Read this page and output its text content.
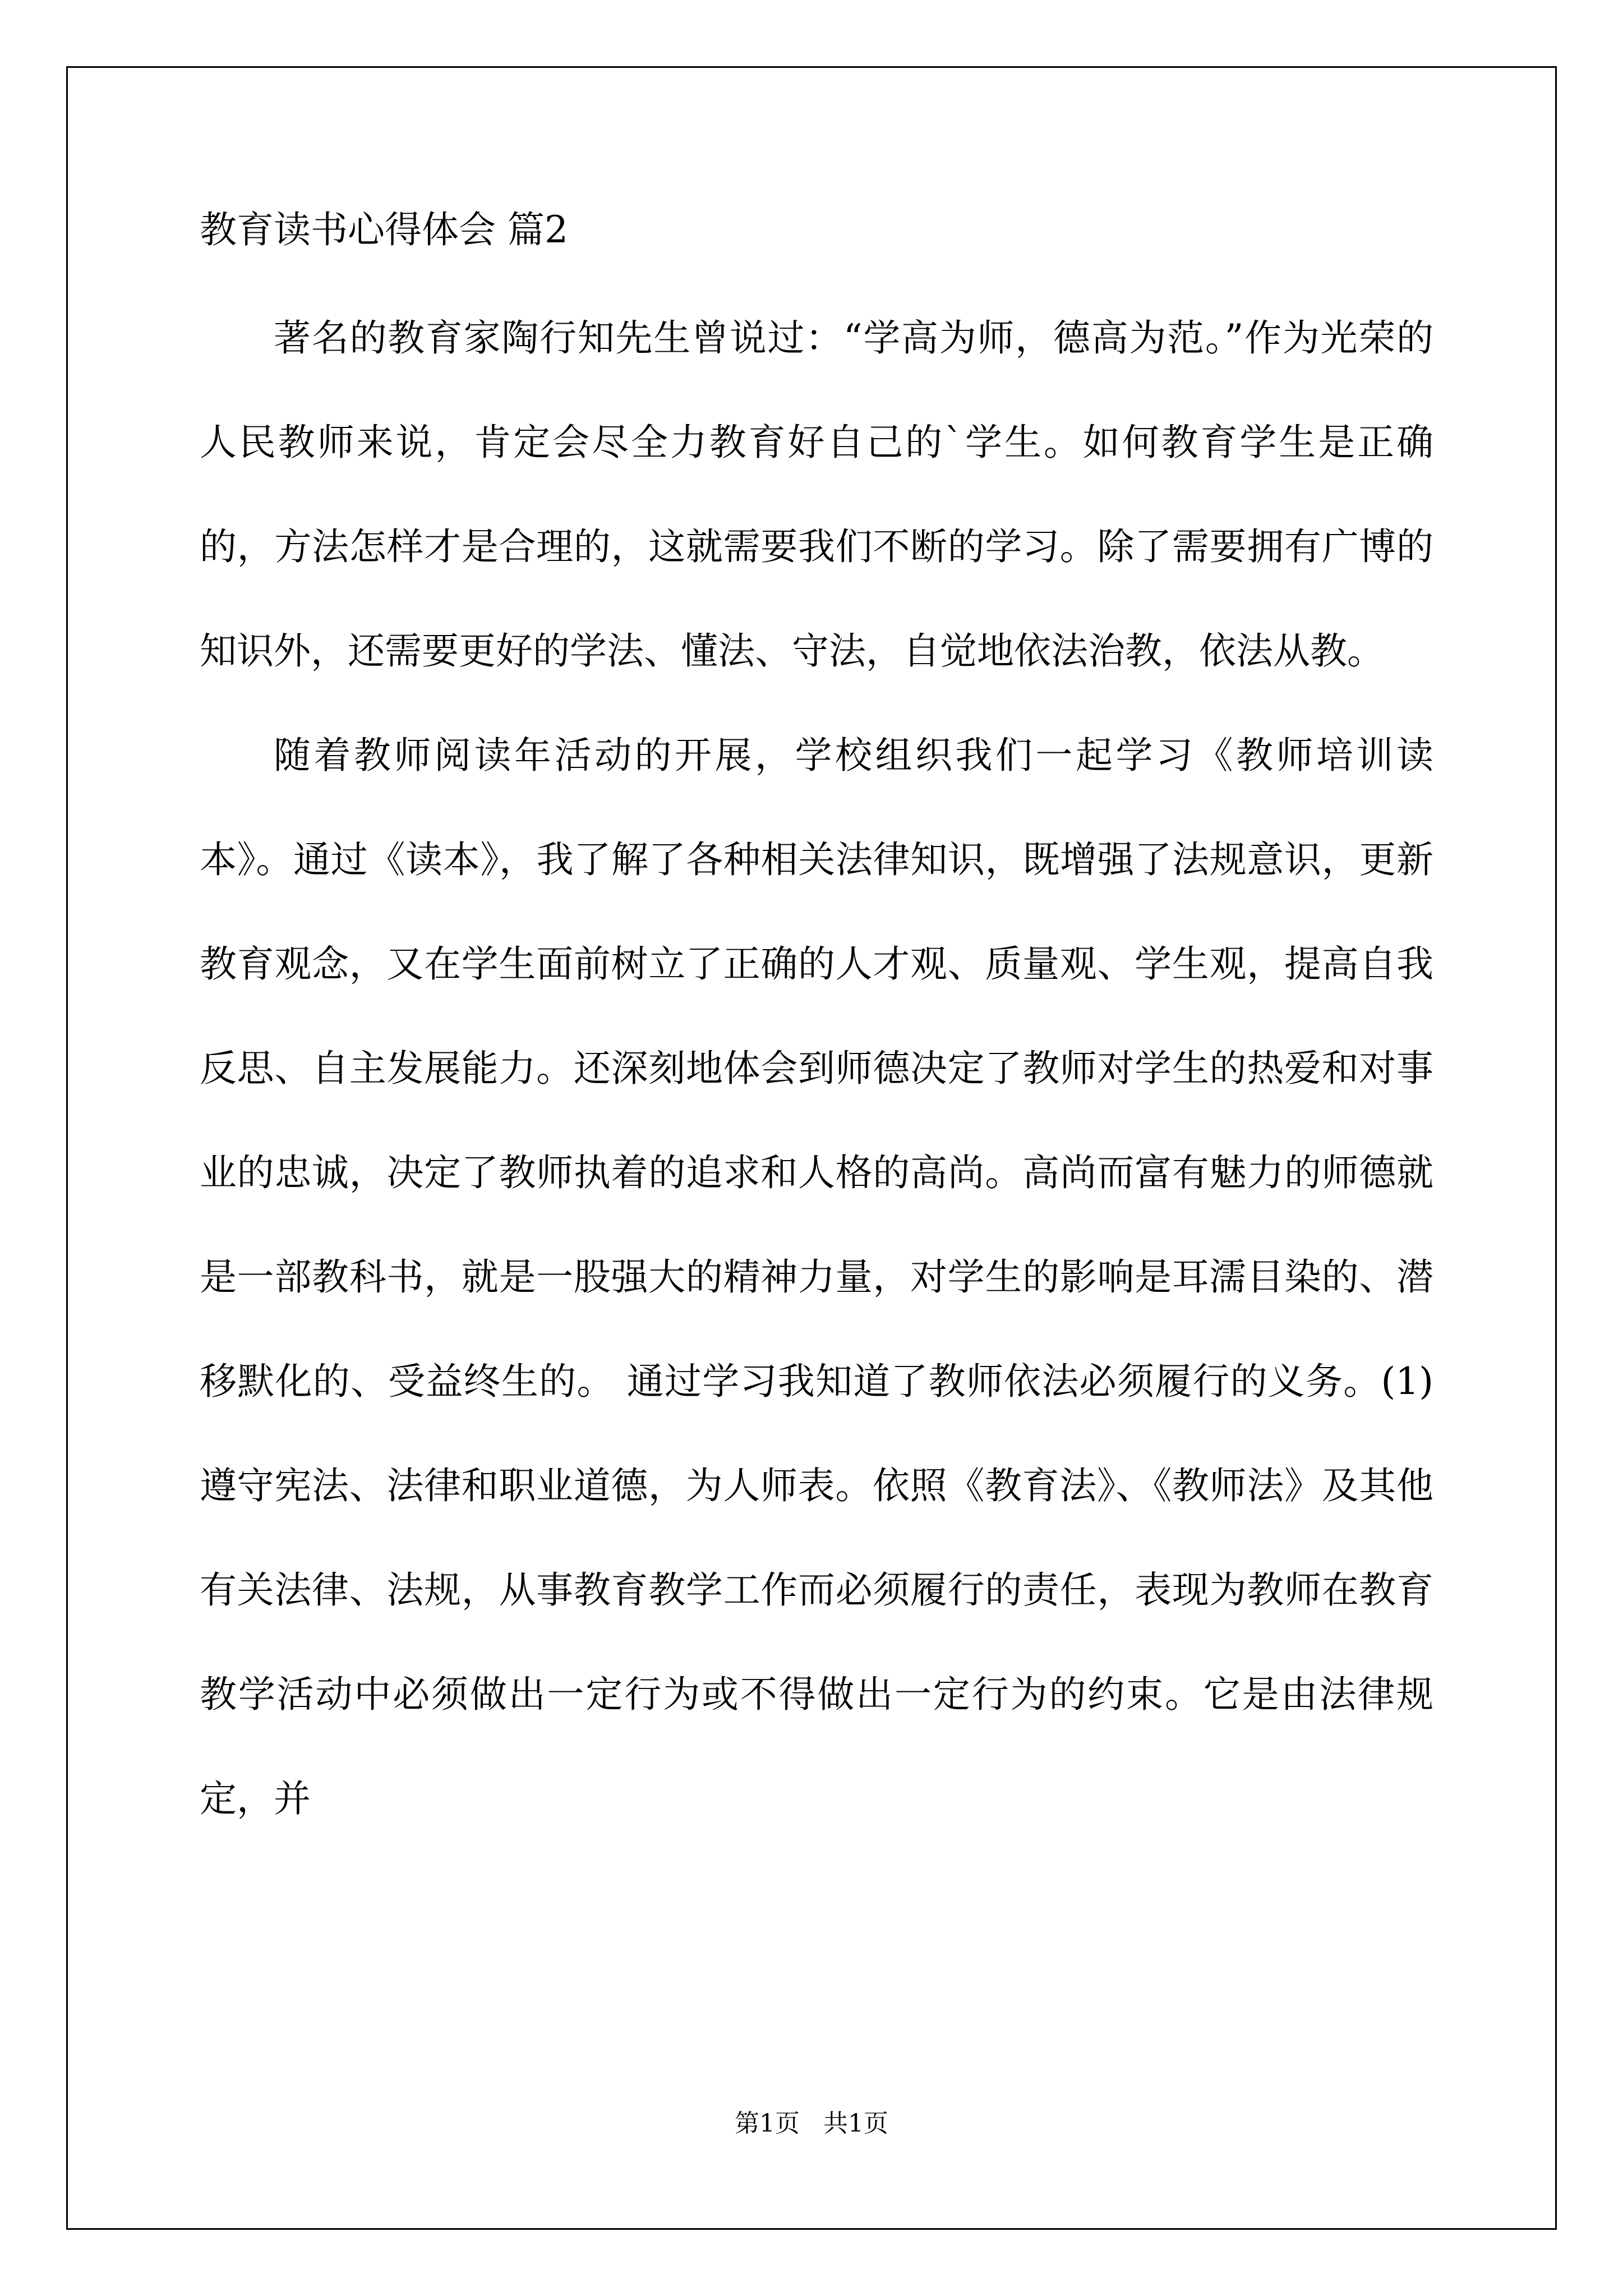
教育读书心得体会 篇2

著名的教育家陶行知先生曾说过：“学高为师，德高为范。”作为光荣的人民教师来说，肯定会尽全力教育好自己的`学生。如何教育学生是正确的，方法怎样才是合理的，这就需要我们不断的学习。除了需要拥有广博的知识外，还需要更好的学法、懂法、守法，自觉地依法治教，依法从教。

随着教师阅读年活动的开展，学校组织我们一起学习《教师培训读本》。通过《读本》，我了解了各种相关法律知识，既增强了法规意识，更新教育观念，又在学生面前树立了正确的人才观、质量观、学生观，提高自我反思、自主发展能力。还深刻地体会到师德决定了教师对学生的热爱和对事业的忠诚，决定了教师执着的追求和人格的高尚。高尚而富有魅力的师德就是一部教科书，就是一股强大的精神力量，对学生的影响是耳濡目染的、潜移默化的、受益终生的。 通过学习我知道了教师依法必须履行的义务。(1) 遵守宪法、法律和职业道德，为人师表。依照《教育法》、《教师法》及其他有关法律、法规，从事教育教学工作而必须履行的责任，表现为教师在教育教学活动中必须做出一定行为或不得做出一定行为的约束。它是由法律规定，并

第1页   共1页
